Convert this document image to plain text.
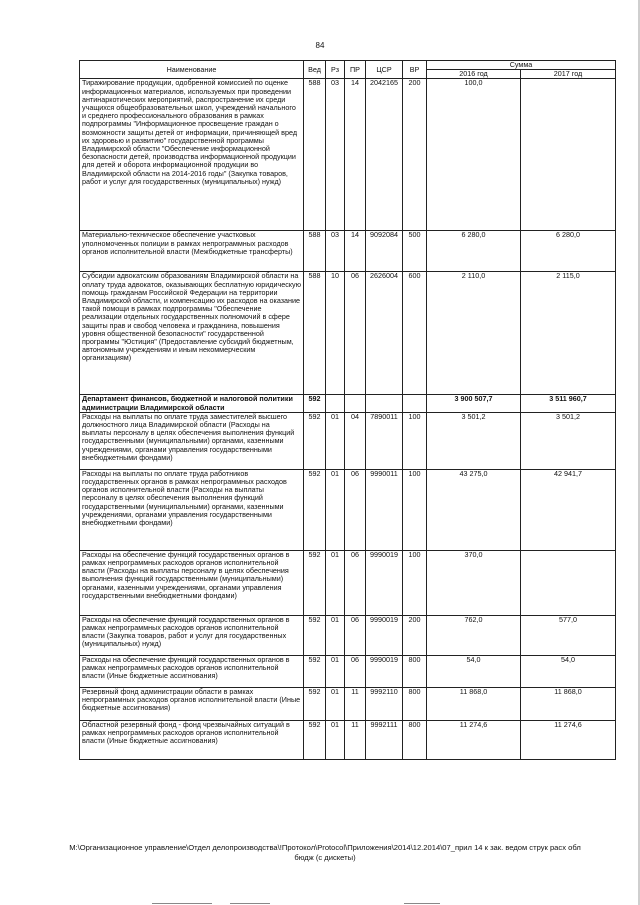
84
Наименование	Вед	Рз	ПР	ЦСР	ВР	Сумма	
						2016 год	2017 год
Тиражирование продукции, одобренной комиссией по оценке информационных материалов, используемых при проведении антинаркотических мероприятий, распространение их среди учащихся общеобразовательных школ, учреждений начального и среднего профессионального образования в рамках подпрограммы "Информационное просвещение граждан о возможности защиты детей от информации, причиняющей вред их здоровью и развитию" государственной программы Владимирской области "Обеспечение информационной безопасности детей, производства информационной продукции для детей и оборота информационной продукции во Владимирской области на 2014-2016 годы" (Закупка товаров, работ и услуг для государственных (муниципальных) нужд)	588	03	14	2042165	200	100,0	
Материально-техническое обеспечение участковых уполномоченных полиции в рамках непрограммных расходов органов исполнительной власти (Межбюджетные трансферты)	588	03	14	9092084	500	6 280,0	6 280,0
Субсидии адвокатским образованиям Владимирской области на оплату труда адвокатов, оказывающих бесплатную юридическую помощь гражданам Российской Федерации на территории Владимирской области, и компенсацию их расходов на оказание такой помощи в рамках подпрограммы "Обеспечение реализации отдельных государственных полномочий в сфере защиты прав и свобод человека и гражданина, повышения уровня общественной безопасности" государственной программы "Юстиция" (Предоставление субсидий бюджетным, автономным учреждениям и иным некоммерческим организациям)	588	10	06	2626004	600	2 110,0	2 115,0
Департамент финансов, бюджетной и налоговой политики администрации Владимирской области	592					3 900 507,7	3 511 960,7
Расходы на выплаты по оплате труда заместителей высшего должностного лица Владимирской области (Расходы на выплаты персоналу в целях обеспечения выполнения функций государственными (муниципальными) органами, казенными учреждениями, органами управления государственными внебюджетными фондами)	592	01	04	7890011	100	3 501,2	3 501,2
Расходы на выплаты по оплате труда работников государственных органов в рамках непрограммных расходов органов исполнительной власти (Расходы на выплаты персоналу в целях обеспечения выполнения функций государственными (муниципальными) органами, казенными учреждениями, органами управления государственными внебюджетными фондами)	592	01	06	9990011	100	43 275,0	42 941,7
Расходы на обеспечение функций государственных органов в рамках непрограммных расходов органов исполнительной власти (Расходы на выплаты персоналу в целях обеспечения выполнения функций государственными (муниципальными) органами, казенными учреждениями, органами управления государственными внебюджетными фондами)	592	01	06	9990019	100	370,0	
Расходы на обеспечение функций государственных органов в рамках непрограммных расходов органов исполнительной власти (Закупка товаров, работ и услуг для государственных (муниципальных) нужд)	592	01	06	9990019	200	762,0	577,0
Расходы на обеспечение функций государственных органов в рамках непрограммных расходов органов исполнительной власти (Иные бюджетные ассигнования)	592	01	06	9990019	800	54,0	54,0
Резервный фонд администрации области в рамках непрограммных расходов органов исполнительной власти (Иные бюджетные ассигнования)	592	01	11	9992110	800	11 868,0	11 868,0
Областной резервный фонд - фонд чрезвычайных ситуаций в рамках непрограммных расходов органов исполнительной власти (Иные бюджетные ассигнования)	592	01	11	9992111	800	11 274,6	11 274,6
M:\Организационное управление\Отдел делопроизводства\!Протокол\Protocol\Приложения\2014\12.2014\07_прил 14 к зак. ведом струк расх обл бюдж (с дискеты)
